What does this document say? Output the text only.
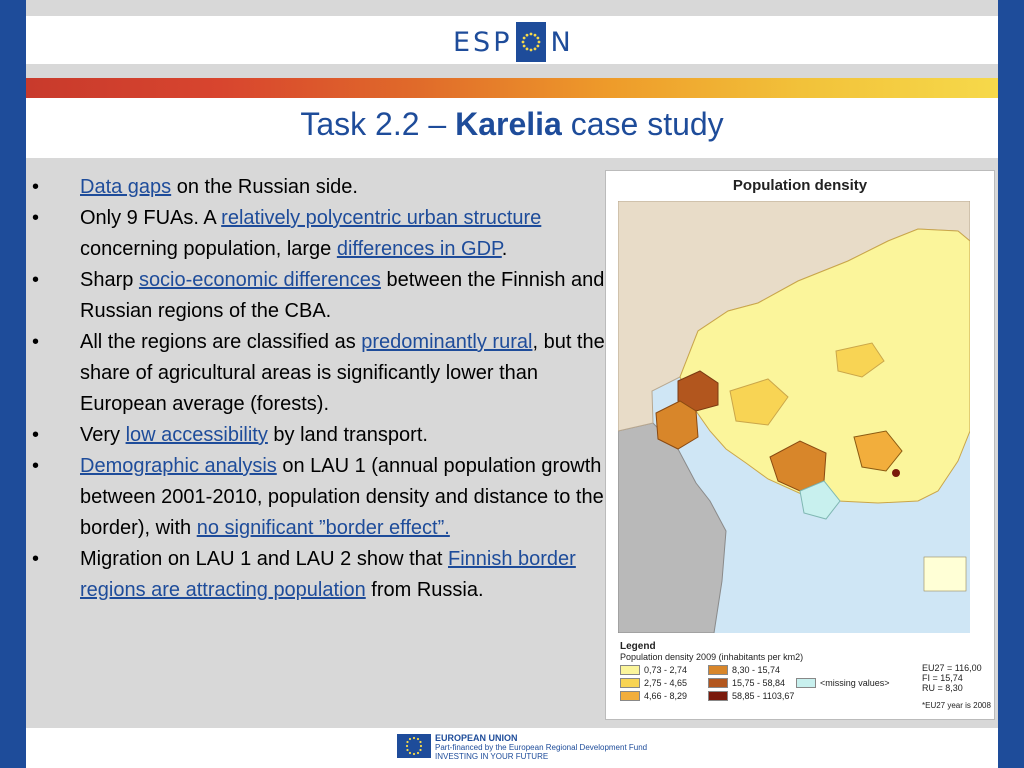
ESP N
Task 2.2 – Karelia case study
• Data gaps on the Russian side.
• Only 9 FUAs. A relatively polycentric urban structure concerning population, large differences in GDP.
• Sharp socio-economic differences between the Finnish and Russian regions of the CBA.
• All the regions are classified as predominantly rural, but the share of agricultural areas is significantly lower than European average (forests).
• Very low accessibility by land transport.
• Demographic analysis on LAU 1 (annual population growth between 2001-2010, population density and distance to the border), with no significant ”border effect”.
• Migration on LAU 1 and LAU 2 show that Finnish border regions are attracting population from Russia.
Population density
Legend
Population density 2009 (inhabitants per km2)
0,73 - 2,74
2,75 - 4,65
4,66 - 8,29
8,30 - 15,74
15,75 - 58,84
58,85 - 1103,67
<missing values>
EU27 = 116,00
FI = 15,74
RU = 8,30
*EU27 year is 2008
EUROPEAN UNION
Part-financed by the European Regional Development Fund
INVESTING IN YOUR FUTURE
